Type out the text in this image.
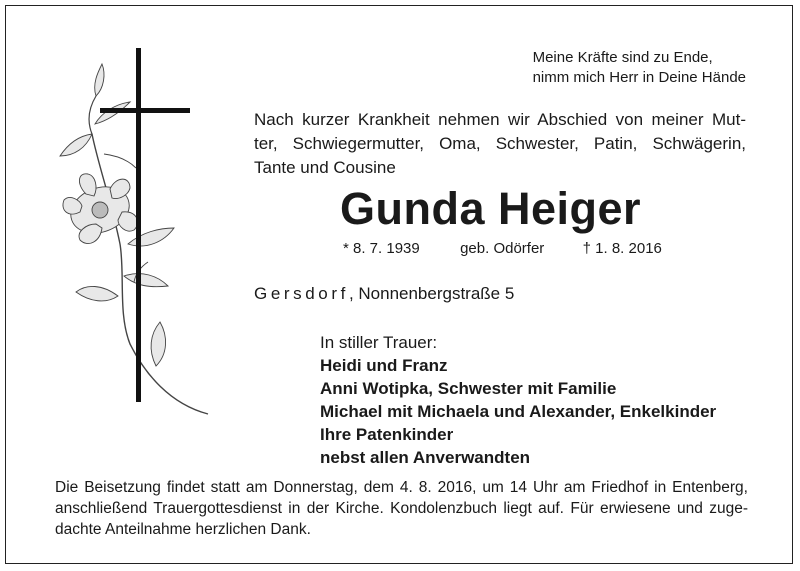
Meine Kräfte sind zu Ende,
nimm mich Herr in Deine Hände
Nach kurzer Krankheit nehmen wir Abschied von meiner Mut-
ter, Schwiegermutter, Oma, Schwester, Patin, Schwägerin,
Tante und Cousine
Gunda Heiger
* 8. 7. 1939	geb. Odörfer	† 1. 8. 2016
Gersdorf, Nonnenbergstraße 5
In stiller Trauer:
Heidi und Franz
Anni Wotipka, Schwester mit Familie
Michael mit Michaela und Alexander, Enkelkinder
Ihre Patenkinder
nebst allen Anverwandten
Die Beisetzung findet statt am Donnerstag, dem 4. 8. 2016, um 14 Uhr am Friedhof in Entenberg,
anschließend Trauergottesdienst in der Kirche. Kondolenzbuch liegt auf. Für erwiesene und zuge-
dachte Anteilnahme herzlichen Dank.
